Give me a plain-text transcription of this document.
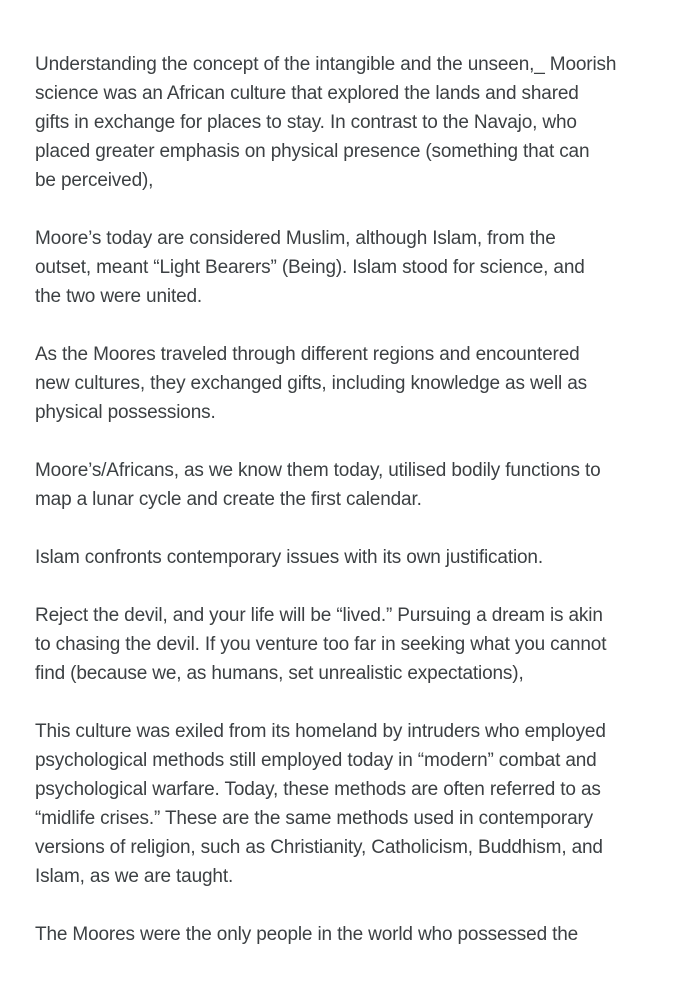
Understanding the concept of the intangible and the unseen,_ Moorish
science was an African culture that explored the lands and shared
gifts in exchange for places to stay. In contrast to the Navajo, who
placed greater emphasis on physical presence (something that can
be perceived),

Moore’s today are considered Muslim, although Islam, from the
outset, meant “Light Bearers” (Being). Islam stood for science, and
the two were united.

As the Moores traveled through different regions and encountered
new cultures, they exchanged gifts, including knowledge as well as
physical possessions.

Moore’s/Africans, as we know them today, utilised bodily functions to
map a lunar cycle and create the first calendar.

Islam confronts contemporary issues with its own justification.

Reject the devil, and your life will be “lived.” Pursuing a dream is akin
to chasing the devil. If you venture too far in seeking what you cannot
find (because we, as humans, set unrealistic expectations),

This culture was exiled from its homeland by intruders who employed
psychological methods still employed today in “modern” combat and
psychological warfare. Today, these methods are often referred to as
“midlife crises.” These are the same methods used in contemporary
versions of religion, such as Christianity, Catholicism, Buddhism, and
Islam, as we are taught.

The Moores were the only people in the world who possessed the
